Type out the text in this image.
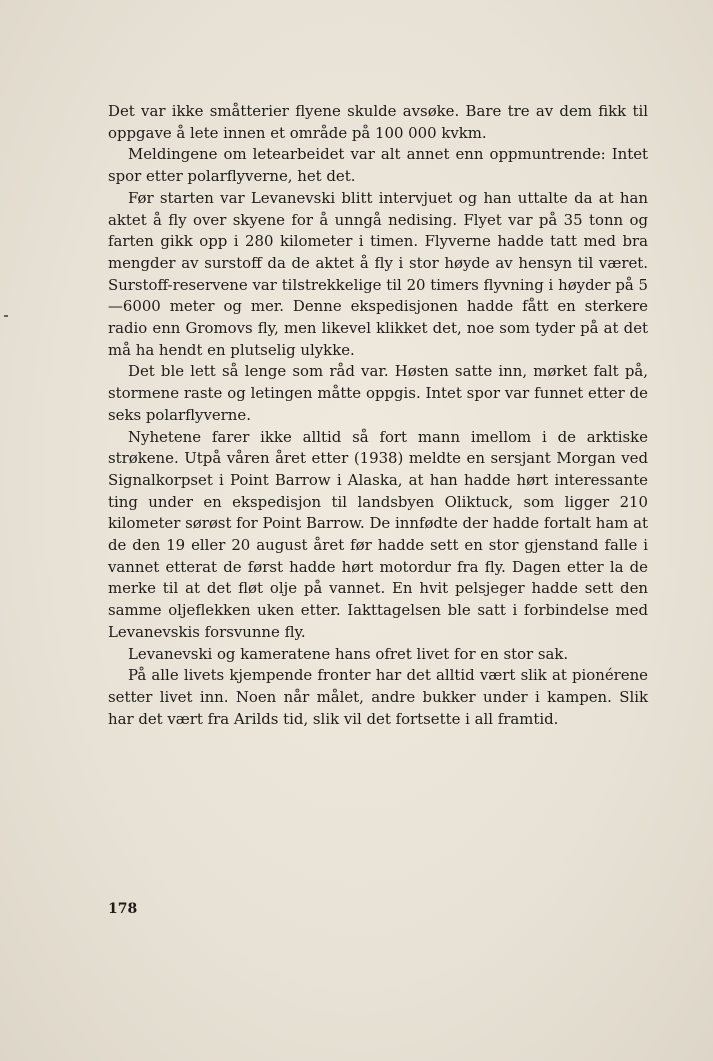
Det var ikke småtterier flyene skulde avsøke. Bare tre av dem fikk til oppgave å lete innen et område på 100 000 kvkm.

Meldingene om letearbeidet var alt annet enn oppmuntrende: Intet spor etter polarflyverne, het det.

Før starten var Levanevski blitt intervjuet og han uttalte da at han aktet å fly over skyene for å unngå nedising. Flyet var på 35 tonn og farten gikk opp i 280 kilometer i timen. Flyverne hadde tatt med bra mengder av surstoff da de aktet å fly i stor høyde av hensyn til været. Surstoff-reservene var tilstrekkelige til 20 timers flyvning i høyder på 5—6000 meter og mer. Denne ekspedisjonen hadde fått en sterkere radio enn Gromovs fly, men likevel klikket det, noe som tyder på at det må ha hendt en plutselig ulykke.

Det ble lett så lenge som råd var. Høsten satte inn, mørket falt på, stormene raste og letingen måtte oppgis. Intet spor var funnet etter de seks polarflyverne.

Nyhetene farer ikke alltid så fort mann imellom i de arktiske strøkene. Utpå våren året etter (1938) meldte en sersjant Morgan ved Signalkorpset i Point Barrow i Alaska, at han hadde hørt interessante ting under en ekspedisjon til landsbyen Oliktuck, som ligger 210 kilometer sørøst for Point Barrow. De innfødte der hadde fortalt ham at de den 19 eller 20 august året før hadde sett en stor gjenstand falle i vannet etterat de først hadde hørt motordur fra fly. Dagen etter la de merke til at det fløt olje på vannet. En hvit pelsjeger hadde sett den samme oljeflekken uken etter. Iakttagelsen ble satt i forbindelse med Levanevskis forsvunne fly.

Levanevski og kameratene hans ofret livet for en stor sak.

På alle livets kjempende fronter har det alltid vært slik at pionérene setter livet inn. Noen når målet, andre bukker under i kampen. Slik har det vært fra Arilds tid, slik vil det fortsette i all framtid.

178
